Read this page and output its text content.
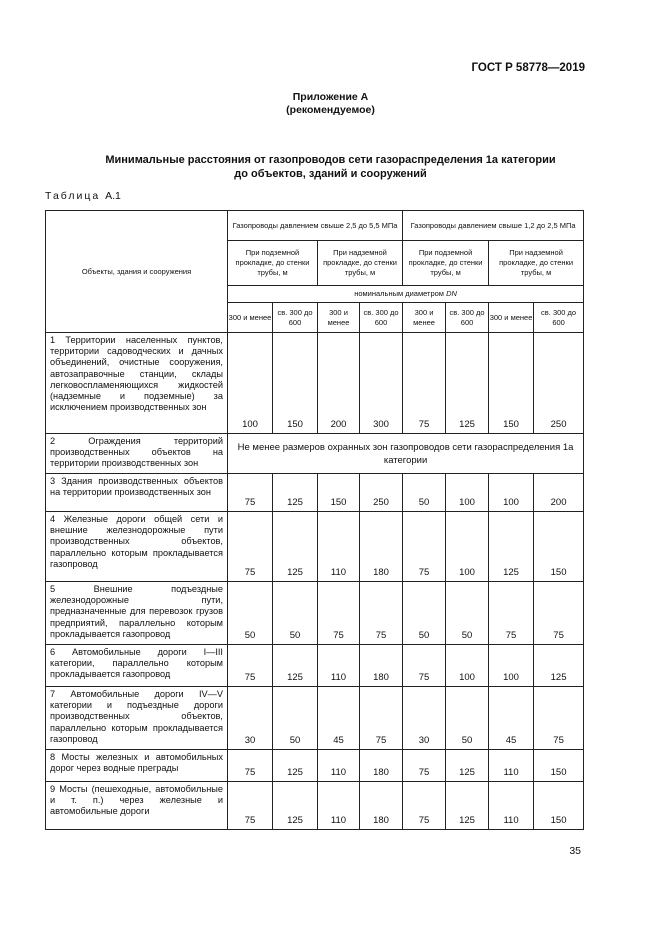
ГОСТ Р 58778—2019
Приложение А
(рекомендуемое)
Минимальные расстояния от газопроводов сети газораспределения 1а категории
до объектов, зданий и сооружений
Таблица А.1
Объекты, здания и сооружения	Газопроводы давлением свыше 2,5 до 5,5 МПа				Газопроводы давлением свыше 1,2 до 2,5 МПа			
	При подземной прокладке, до стенки трубы, м		При надземной прокладке, до стенки трубы, м		При подземной прокладке, до стенки трубы, м		При надземной прокладке, до стенки трубы, м	
	номинальным диаметром DN							
	300 и менее	св. 300 до 600	300 и менее	св. 300 до 600	300 и менее	св. 300 до 600	300 и менее	св. 300 до 600
1 Территории населенных пунктов, территории садоводческих и дачных объединений, очистные сооружения, автозаправочные станции, склады легковоспламеняющихся жидкостей (надземные и подземные) за исключением производственных зон	100	150	200	300	75	125	150	250
2 Ограждения территорий производственных объектов на территории производственных зон	Не менее размеров охранных зон газопроводов сети газораспределения 1а категории							
3 Здания производственных объектов на территории производственных зон	75	125	150	250	50	100	100	200
4 Железные дороги общей сети и внешние железнодорожные пути производственных объектов, параллельно которым прокладывается газопровод	75	125	110	180	75	100	125	150
5 Внешние подъездные железнодорожные пути, предназначенные для перевозок грузов предприятий, параллельно которым прокладывается газопровод	50	50	75	75	50	50	75	75
6 Автомобильные дороги I—III категории, параллельно которым прокладывается газопровод	75	125	110	180	75	100	100	125
7 Автомобильные дороги IV—V категории и подъездные дороги производственных объектов, параллельно которым прокладывается газопровод	30	50	45	75	30	50	45	75
8 Мосты железных и автомобильных дорог через водные преграды	75	125	110	180	75	125	110	150
9 Мосты (пешеходные, автомобильные и т. п.) через железные и автомобильные дороги	75	125	110	180	75	125	110	150
35
